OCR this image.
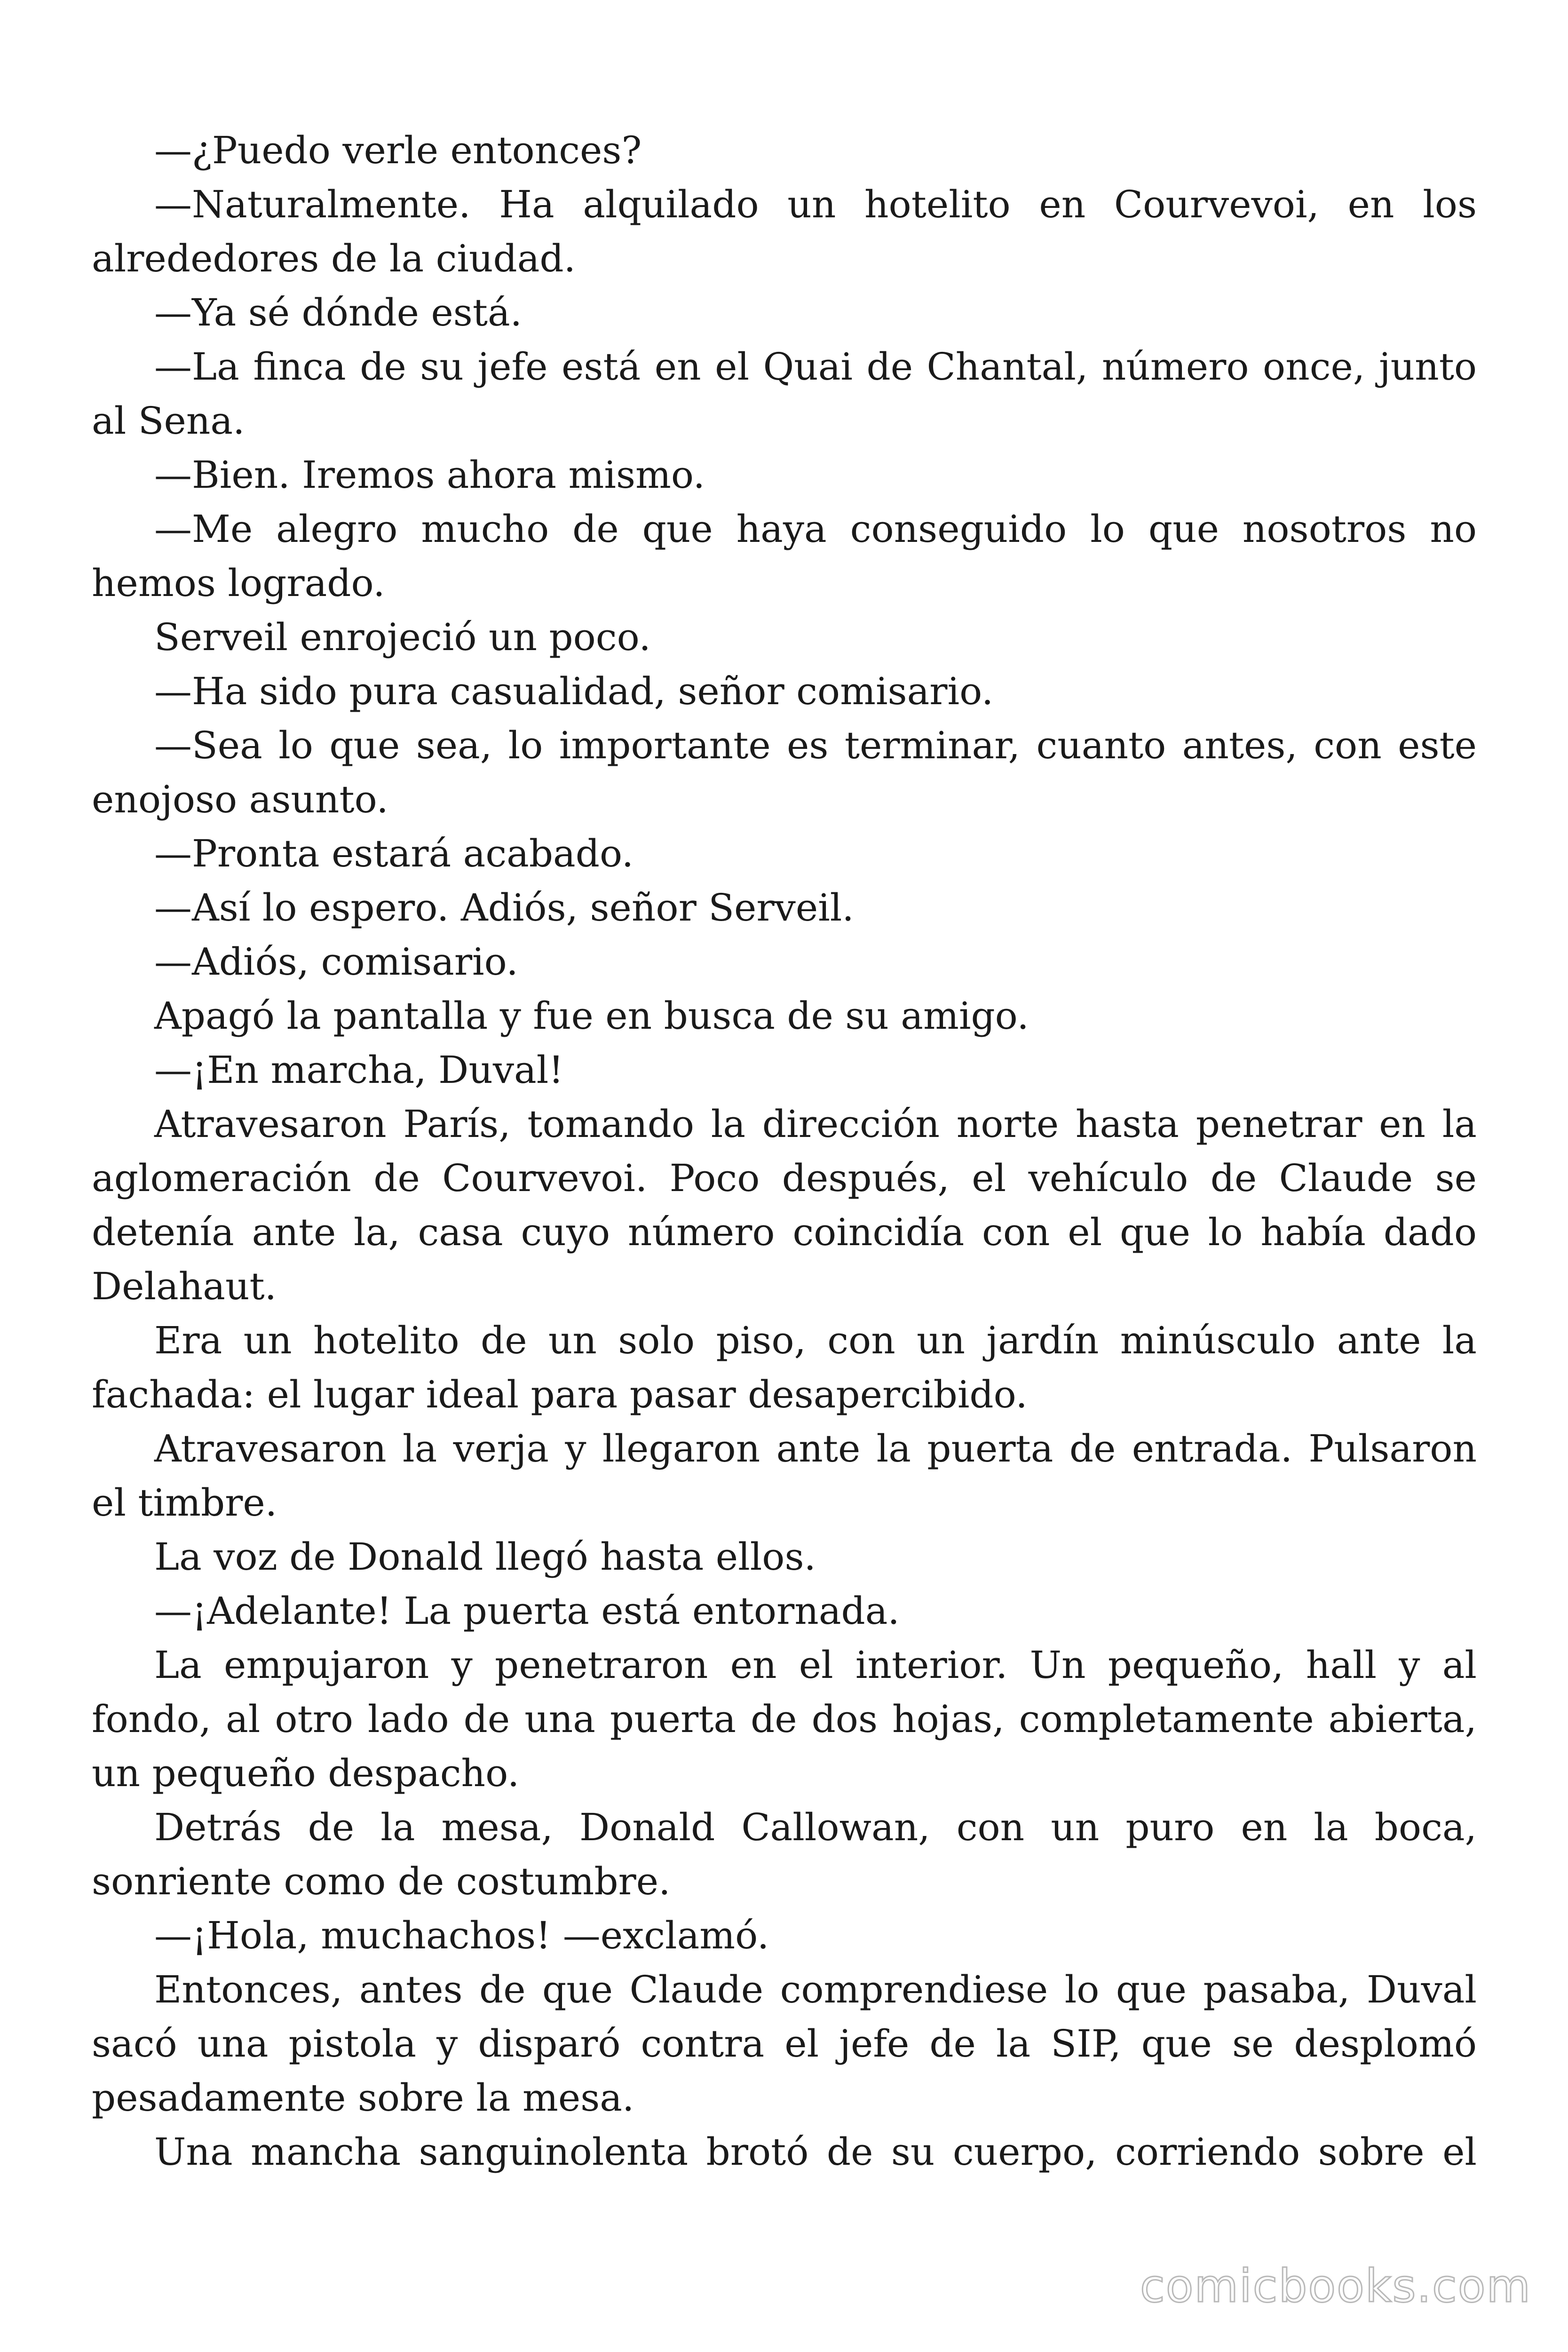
—¿Puedo verle entonces?

—Naturalmente. Ha alquilado un hotelito en Courvevoi, en los alrededores de la ciudad.

—Ya sé dónde está.

—La finca de su jefe está en el Quai de Chantal, número once, junto al Sena.

—Bien. Iremos ahora mismo.

—Me alegro mucho de que haya conseguido lo que nosotros no hemos logrado.

Serveil enrojeció un poco.

—Ha sido pura casualidad, señor comisario.

—Sea lo que sea, lo importante es terminar, cuanto antes, con este enojoso asunto.

—Pronta estará acabado.

—Así lo espero. Adiós, señor Serveil.

—Adiós, comisario.

Apagó la pantalla y fue en busca de su amigo.

—¡En marcha, Duval!

Atravesaron París, tomando la dirección norte hasta penetrar en la aglomeración de Courvevoi. Poco después, el vehículo de Claude se detenía ante la, casa cuyo número coincidía con el que lo había dado Delahaut.

Era un hotelito de un solo piso, con un jardín minúsculo ante la fachada: el lugar ideal para pasar desapercibido.

Atravesaron la verja y llegaron ante la puerta de entrada. Pulsaron el timbre.

La voz de Donald llegó hasta ellos.

—¡Adelante! La puerta está entornada.

La empujaron y penetraron en el interior. Un pequeño, hall y al fondo, al otro lado de una puerta de dos hojas, completamente abierta, un pequeño despacho.

Detrás de la mesa, Donald Callowan, con un puro en la boca, sonriente como de costumbre.

—¡Hola, muchachos! —exclamó.

Entonces, antes de que Claude comprendiese lo que pasaba, Duval sacó una pistola y disparó contra el jefe de la SIP, que se desplomó pesadamente sobre la mesa.

Una mancha sanguinolenta brotó de su cuerpo, corriendo sobre el

comicbooks.com
